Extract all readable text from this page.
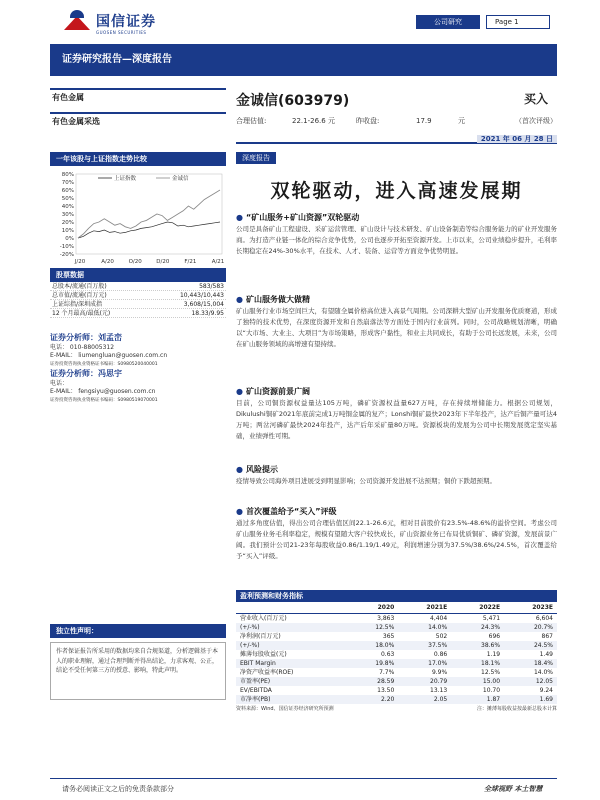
国信证券
GUOSEN SECURITIES
公司研究	Page 1
证券研究报告—深度报告
有色金属
有色金属采选
金诚信(603979)	买入
合理估值:	22.1-26.6 元	昨收盘:	17.9	元	（首次评级）
2021 年 06 月 28 日
一年该股与上证指数走势比较
80%
70%
60%
50%
40%
30%
20%
10%
0%
-10%
-20%
J/20	A/20	O/20	D/20	F/21	A/21
上证指数	金诚信
股票数据
总股本/流通(百万股)	583/583
总市值/流通(百万元)	10,443/10,443
上证综指/深圳成指	3,608/15,004
12 个月最高/最低(元)	18.33/9.95
证券分析师：刘孟峦
电话： 010-88005312
E-MAIL： liumengluan@guosen.com.cn
证券投资咨询执业资格证书编码：S0980520040001
证券分析师：冯思宇
电话：
E-MAIL： fengsiyu@guosen.com.cn
证券投资咨询执业资格证书编码：S0980519070001
独立性声明：
作者保证报告所采用的数据均来自合规渠道，分析逻辑基于本人的职业理解，通过合理判断并得出结论，力求客观、公正，结论不受任何第三方的授意、影响，特此声明。
深度报告
双轮驱动，进入高速发展期
● “矿山服务+矿山资源”双轮驱动
公司是具备矿山工程建设、采矿运营管理、矿山设计与技术研发、矿山设备制造等综合服务能力的矿业开发服务商。为打造产业链一体化的综合竞争优势，公司也逐步开拓至资源开发。上市以来，公司业绩稳步提升，毛利率长期稳定在24%-30%水平，在技术、人才、装备、运营等方面竞争优势明显。
● 矿山服务做大做精
矿山服务行业市场空间巨大，有望随全属价格高位进入高景气周期。公司深耕大型矿山开发服务优质赛道，形成了独特的技术优势，在深度资源开发和自然崩落法等方面处于国内行业前列。同时，公司战略规划清晰，明确以“大市场、大业主、大项目”为市场策略，形成客户黏性，和业主共同成长，有助于公司长远发展，未来，公司在矿山服务领域的高增速有望持续。
● 矿山资源前景广阔
目前，公司铜资源权益量达105万吨，磷矿资源权益量627万吨，存在持续增储能力。根据公司规划，Dikulushi铜矿2021年底前完成1万吨铜金属的复产；Lonshi铜矿最快2023年下半年投产，达产后铜产量可达4万吨；两岔河磷矿最快2024年投产，达产后年采矿量80万吨。资源板块的发展为公司中长期发展奠定坚实基础，业绩弹性可期。
● 风险提示
疫情导致公司海外项目进展受到明显影响；公司资源开发进展不达预期；铜价下跌超预期。
● 首次覆盖给予“买入”评级
通过多角度估值，得出公司合理估值区间22.1-26.6元，相对目前股价有23.5%-48.6%的溢价空间。考虑公司矿山服务业务毛利率稳定，规模有望随大客户较快成长，矿山资源业务已布局优质铜矿、磷矿资源，发展前景广阔。我们预计公司21-23年每股收益0.86/1.19/1.49元，利润增速分别为37.5%/38.6%/24.5%，首次覆盖给予“买入”评级。
盈利预测和财务指标
	2020	2021E	2022E	2023E
营业收入(百万元)	3,863	4,404	5,471	6,604
(+/-%)	12.5%	14.0%	24.3%	20.7%
净利润(百万元)	365	502	696	867
(+/-%)	18.0%	37.5%	38.6%	24.5%
摊薄每股收益(元)	0.63	0.86	1.19	1.49
EBIT Margin	19.8%	17.0%	18.1%	18.4%
净资产收益率(ROE)	7.7%	9.9%	12.5%	14.0%
市盈率(PE)	28.59	20.79	15.00	12.05
EV/EBITDA	13.50	13.13	10.70	9.24
市净率(PB)	2.20	2.05	1.87	1.69
资料来源：Wind、国信证券经济研究所预测	注：摊薄每股收益按最新总股本计算
请务必阅读正文之后的免责条款部分	全球视野 本土智慧
